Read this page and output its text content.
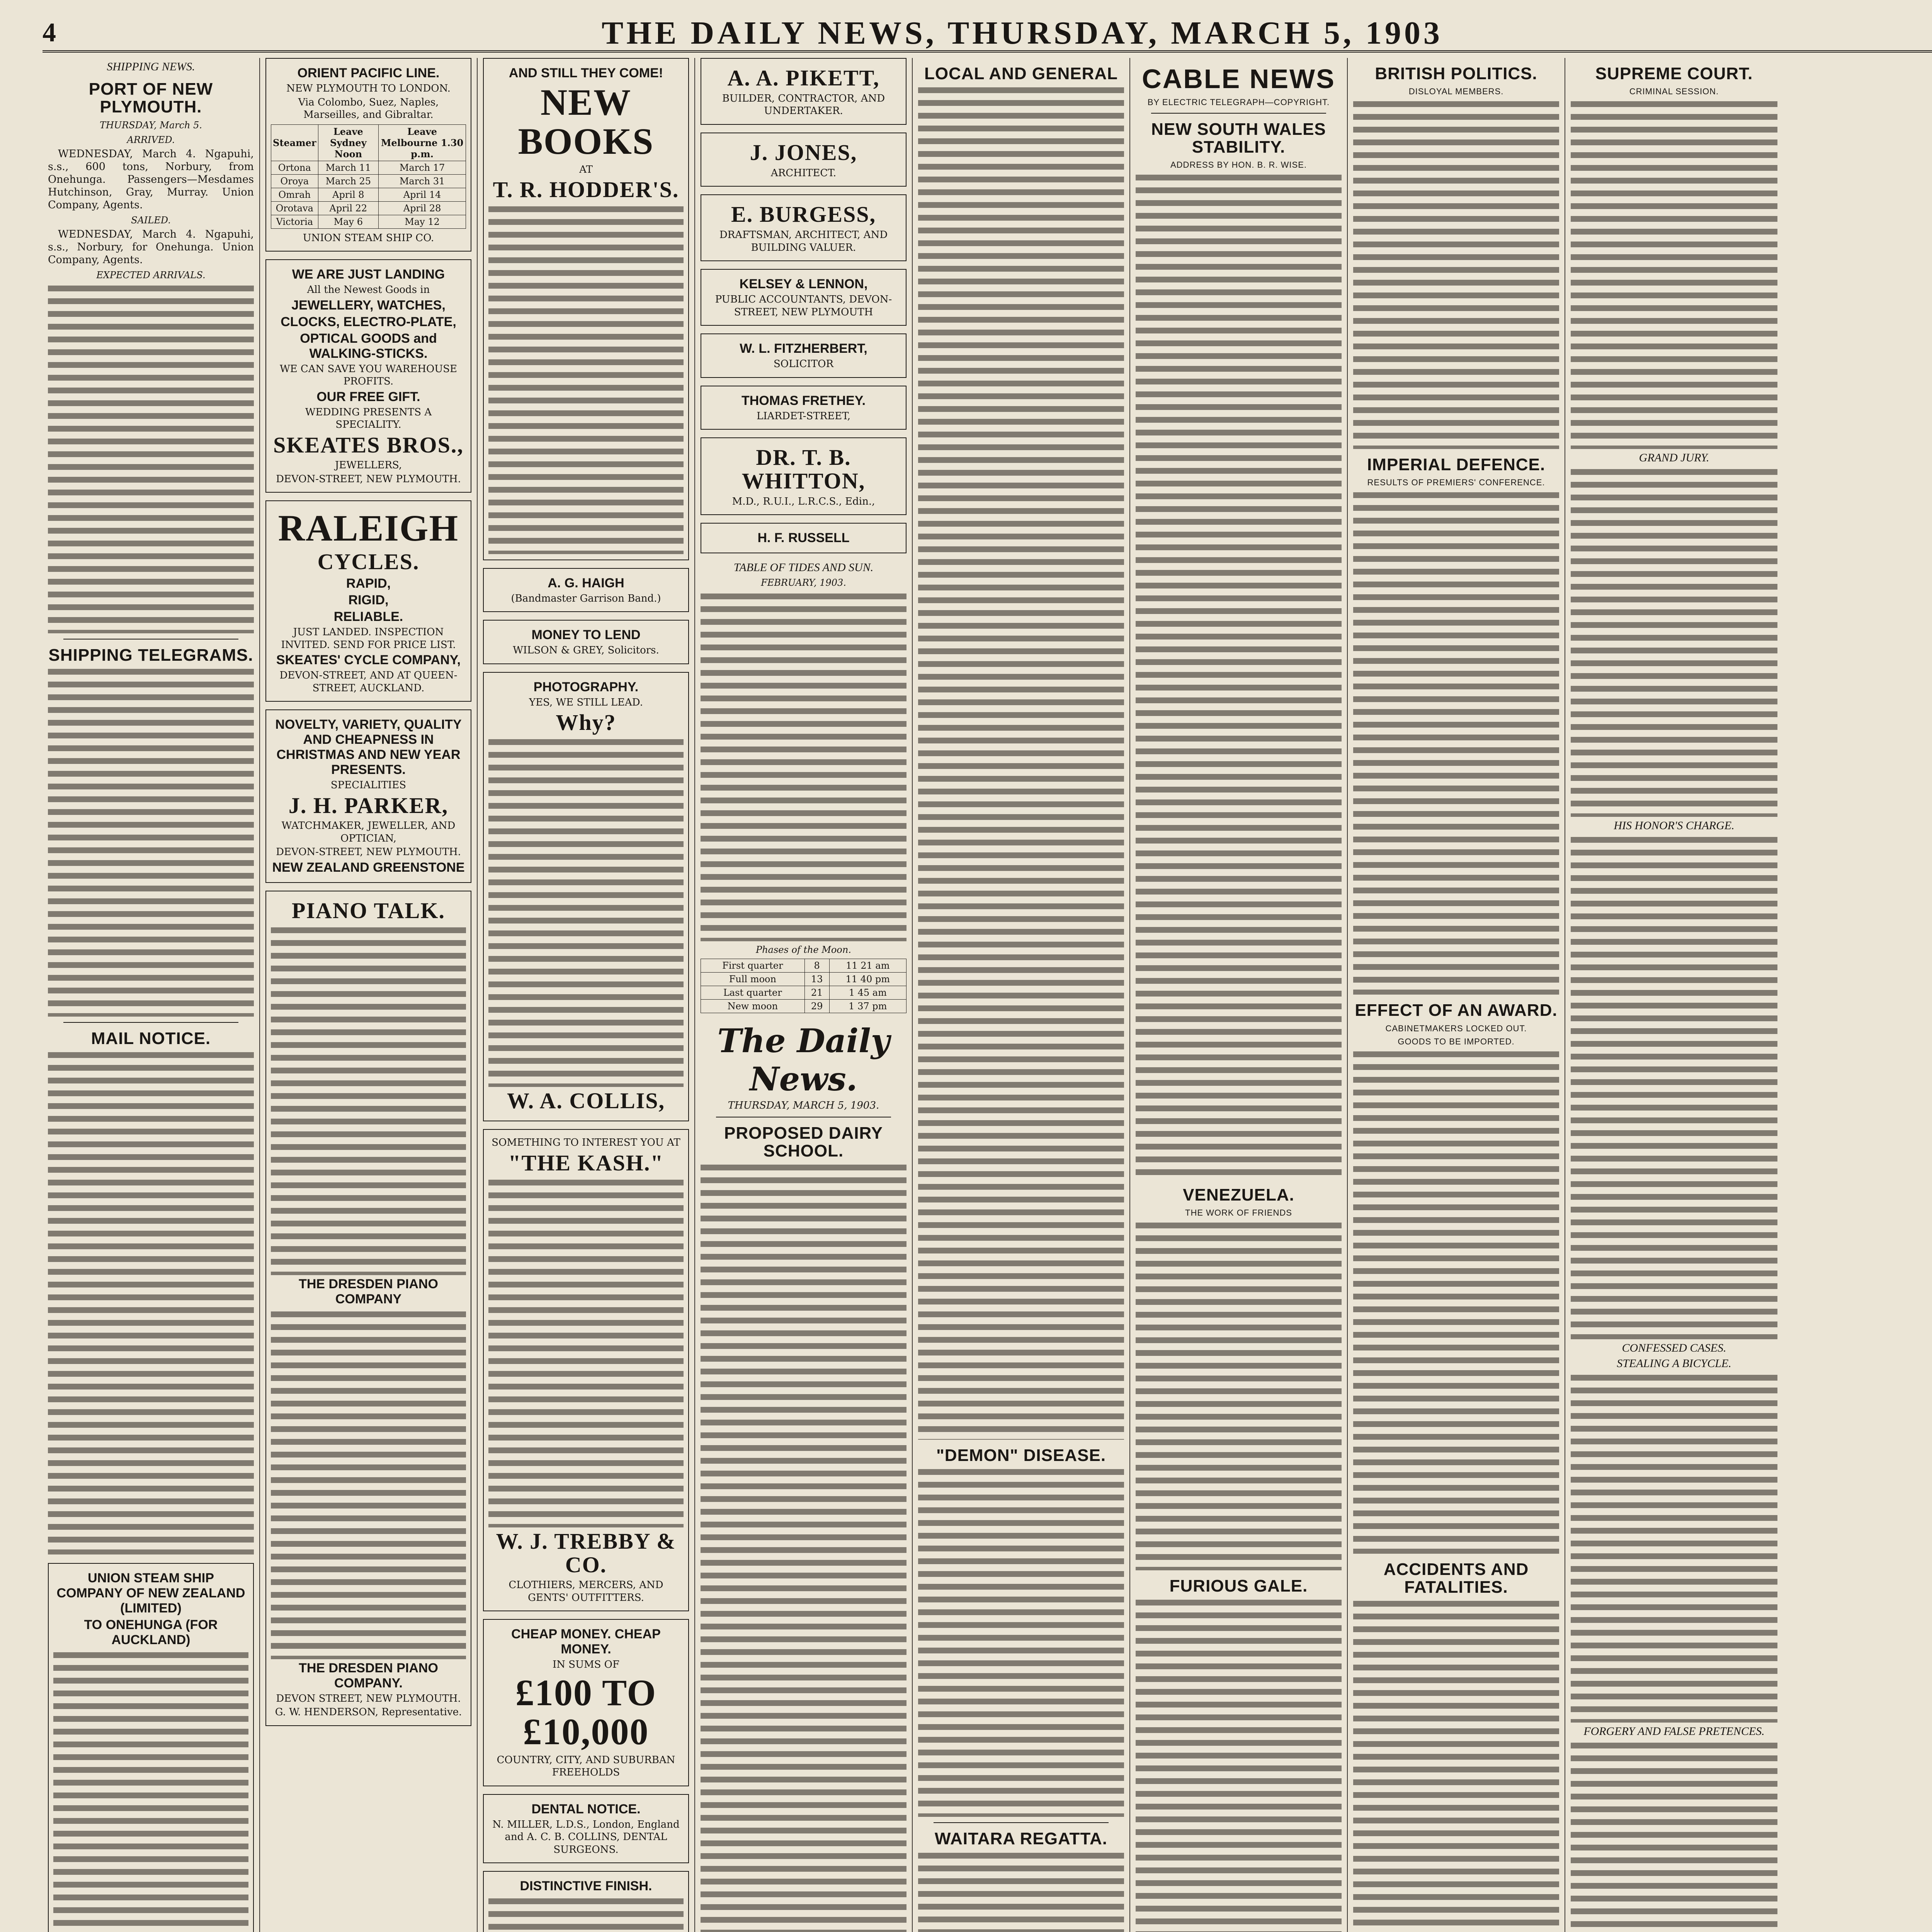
4	THE DAILY NEWS, THURSDAY, MARCH 5, 1903
SHIPPING NEWS.
PORT OF NEW PLYMOUTH.

THURSDAY, March 5.

ARRIVED.

WEDNESDAY, March 4. Ngapuhi, s.s., 600 tons, Norbury, from Onehunga. Passengers—Mesdames Hutchinson, Gray, Murray. Union Company, Agents.

SAILED.

WEDNESDAY, March 4. Ngapuhi, s.s., Norbury, for Onehunga. Union Company, Agents.

EXPECTED ARRIVALS.

SHIPPING TELEGRAMS.
MAIL NOTICE.
UNION STEAM SHIP COMPANY OF NEW ZEALAND (LIMITED)
TO ONEHUNGA (FOR AUCKLAND)
ORIENT PACIFIC LINE.
NEW PLYMOUTH TO LONDON.
Via Colombo, Suez, Naples, Marseilles, and Gibraltar.
Steamer	Leave Sydney Noon	Leave Melbourne 1.30 p.m.
Ortona	March 11	March 17
Oroya	March 25	March 31
Omrah	April 8	April 14
Orotava	April 22	April 28
Victoria	May 6	May 12
UNION STEAM SHIP CO.
WE ARE JUST LANDING
All the Newest Goods in
JEWELLERY, WATCHES,
CLOCKS, ELECTRO-PLATE,
OPTICAL GOODS and WALKING-STICKS.
WE CAN SAVE YOU WAREHOUSE PROFITS.
OUR FREE GIFT.
WEDDING PRESENTS A SPECIALITY.
SKEATES BROS.,
JEWELLERS,
DEVON-STREET, NEW PLYMOUTH.
RALEIGH
CYCLES.
RAPID,
RIGID,
RELIABLE.
JUST LANDED. INSPECTION INVITED. SEND FOR PRICE LIST.
SKEATES' CYCLE COMPANY,
DEVON-STREET, AND AT QUEEN-STREET, AUCKLAND.
NOVELTY, VARIETY, QUALITY AND CHEAPNESS IN CHRISTMAS AND NEW YEAR PRESENTS.
SPECIALITIES
J. H. PARKER,
WATCHMAKER, JEWELLER, AND OPTICIAN,
DEVON-STREET, NEW PLYMOUTH.
NEW ZEALAND GREENSTONE
PIANO TALK.
THE DRESDEN PIANO COMPANY
THE DRESDEN PIANO COMPANY.
DEVON STREET, NEW PLYMOUTH.
G. W. HENDERSON, Representative.
AND STILL THEY COME!
NEW BOOKS
AT
T. R. HODDER'S.
A. G. HAIGH
(Bandmaster Garrison Band.)
MONEY TO LEND
WILSON & GREY, Solicitors.
PHOTOGRAPHY.
YES, WE STILL LEAD.
Why?
W. A. COLLIS,
SOMETHING TO INTEREST YOU AT
"THE KASH."
W. J. TREBBY & CO.
CLOTHIERS, MERCERS, AND GENTS' OUTFITTERS.
CHEAP MONEY. CHEAP MONEY.
IN SUMS OF
£100 TO £10,000
COUNTRY, CITY, AND SUBURBAN FREEHOLDS
DENTAL NOTICE.
N. MILLER, L.D.S., London, England and A. C. B. COLLINS, DENTAL SURGEONS.
DISTINCTIVE FINISH.
A. A. PIKETT,
BUILDER, CONTRACTOR, AND UNDERTAKER.
J. JONES,
ARCHITECT.
E. BURGESS,
DRAFTSMAN, ARCHITECT, AND BUILDING VALUER.
KELSEY & LENNON,
PUBLIC ACCOUNTANTS, DEVON-STREET, NEW PLYMOUTH
W. L. FITZHERBERT,
SOLICITOR
THOMAS FRETHEY.
LIARDET-STREET,
DR. T. B. WHITTON,
M.D., R.U.I., L.R.C.S., Edin.,
H. F. RUSSELL
TABLE OF TIDES AND SUN.

FEBRUARY, 1903.

Phases of the Moon.

First quarter	8	11 21 am
Full moon	13	11 40 pm
Last quarter	21	1 45 am
New moon	29	1 37 pm
The Daily News.
THURSDAY, MARCH 5, 1903.
PROPOSED DAIRY SCHOOL.
LOCAL AND GENERAL
"DEMON" DISEASE.
WAITARA REGATTA.
CABLE NEWS
BY ELECTRIC TELEGRAPH—COPYRIGHT.
NEW SOUTH WALES STABILITY.
ADDRESS BY HON. B. R. WISE.
VENEZUELA.
THE WORK OF FRIENDS
FURIOUS GALE.
BRITISH POLITICS.
DISLOYAL MEMBERS.
IMPERIAL DEFENCE.
RESULTS OF PREMIERS' CONFERENCE.
EFFECT OF AN AWARD.
CABINETMAKERS LOCKED OUT.
GOODS TO BE IMPORTED.
ACCIDENTS AND FATALITIES.

SUPREME COURT.
CRIMINAL SESSION.
GRAND JURY.
HIS HONOR'S CHARGE.
CONFESSED CASES.
STEALING A BICYCLE.
FORGERY AND FALSE PRETENCES.
